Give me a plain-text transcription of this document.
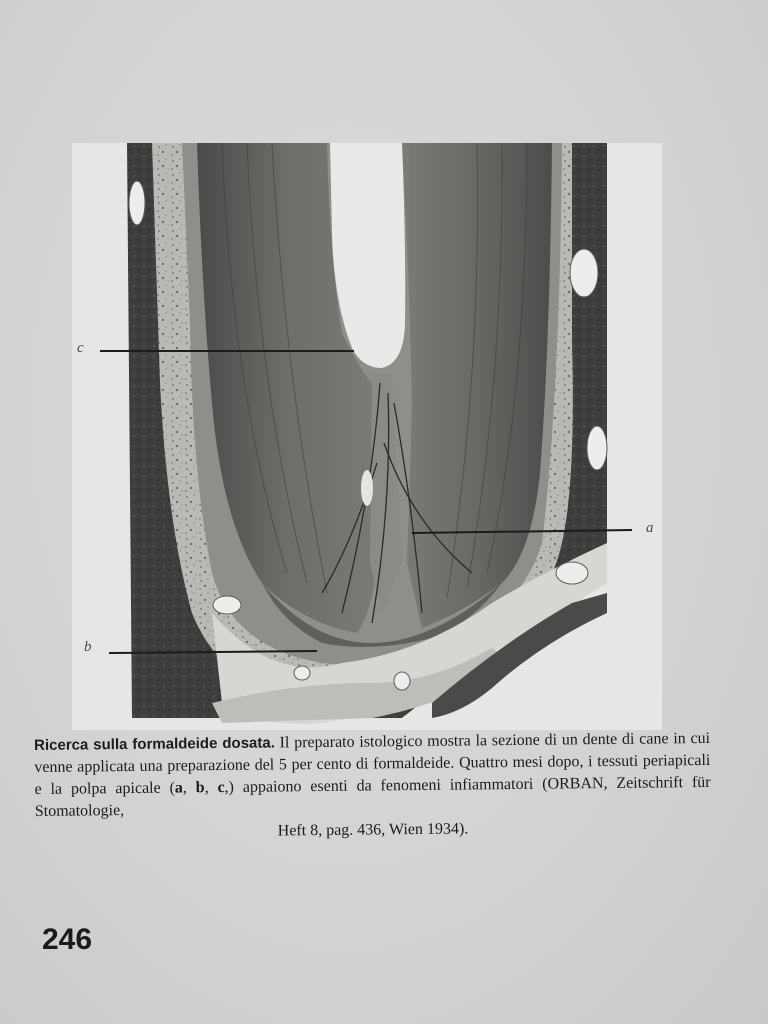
c
a
b
Ricerca sulla formaldeide dosata. Il preparato istologico mostra la sezione di un dente di cane in cui venne applicata una preparazione del 5 per cento di formaldeide. Quattro mesi dopo, i tessuti periapicali e la polpa apicale (a, b, c,) appaiono esenti da fenomeni infiammatori (ORBAN, Zeitschrift für Stomatologie,
Heft 8, pag. 436, Wien 1934).
246
